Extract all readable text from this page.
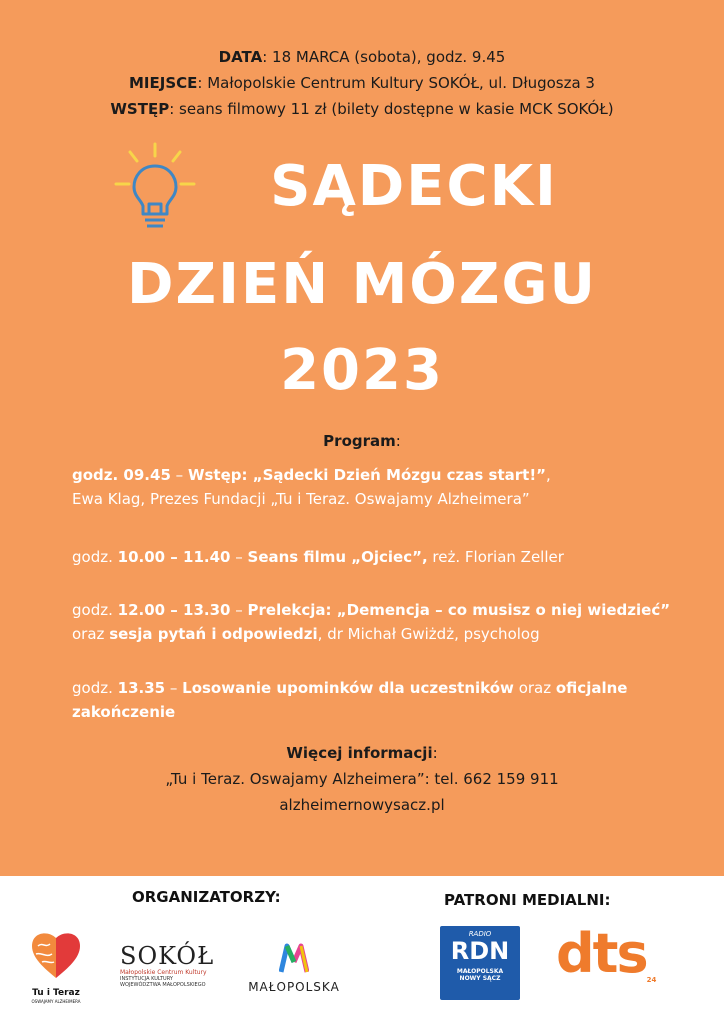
DATA: 18 MARCA (sobota), godz. 9.45
MIEJSCE: Małopolskie Centrum Kultury SOKÓŁ, ul. Długosza 3
WSTĘP: seans filmowy 11 zł (bilety dostępne w kasie MCK SOKÓŁ)
SĄDECKI
DZIEŃ MÓZGU
2023
Program:
godz. 09.45 – Wstęp: „Sądecki Dzień Mózgu czas start!”,
Ewa Klag, Prezes Fundacji „Tu i Teraz. Oswajamy Alzheimera”
godz. 10.00 – 11.40 – Seans filmu „Ojciec”, reż. Florian Zeller
godz. 12.00 – 13.30 – Prelekcja: „Demencja – co musisz o niej wiedzieć”
oraz sesja pytań i odpowiedzi, dr Michał Gwiżdż, psycholog
godz. 13.35 – Losowanie upominków dla uczestników oraz oficjalne
zakończenie
Więcej informacji:
„Tu i Teraz. Oswajamy Alzheimera”: tel. 662 159 911
alzheimernowysacz.pl
ORGANIZATORZY:	PATRONI MEDIALNI:
Tu i Teraz
OSWAJAMY ALZHEIMERA
SOKÓŁ
Małopolskie Centrum Kultury
INSTYTUCJA KULTURY
WOJEWÓDZTWA MAŁOPOLSKIEGO	MAŁOPOLSKA
RADIO
RDN
MAŁOPOLSKA
NOWY SĄCZ	dts24
